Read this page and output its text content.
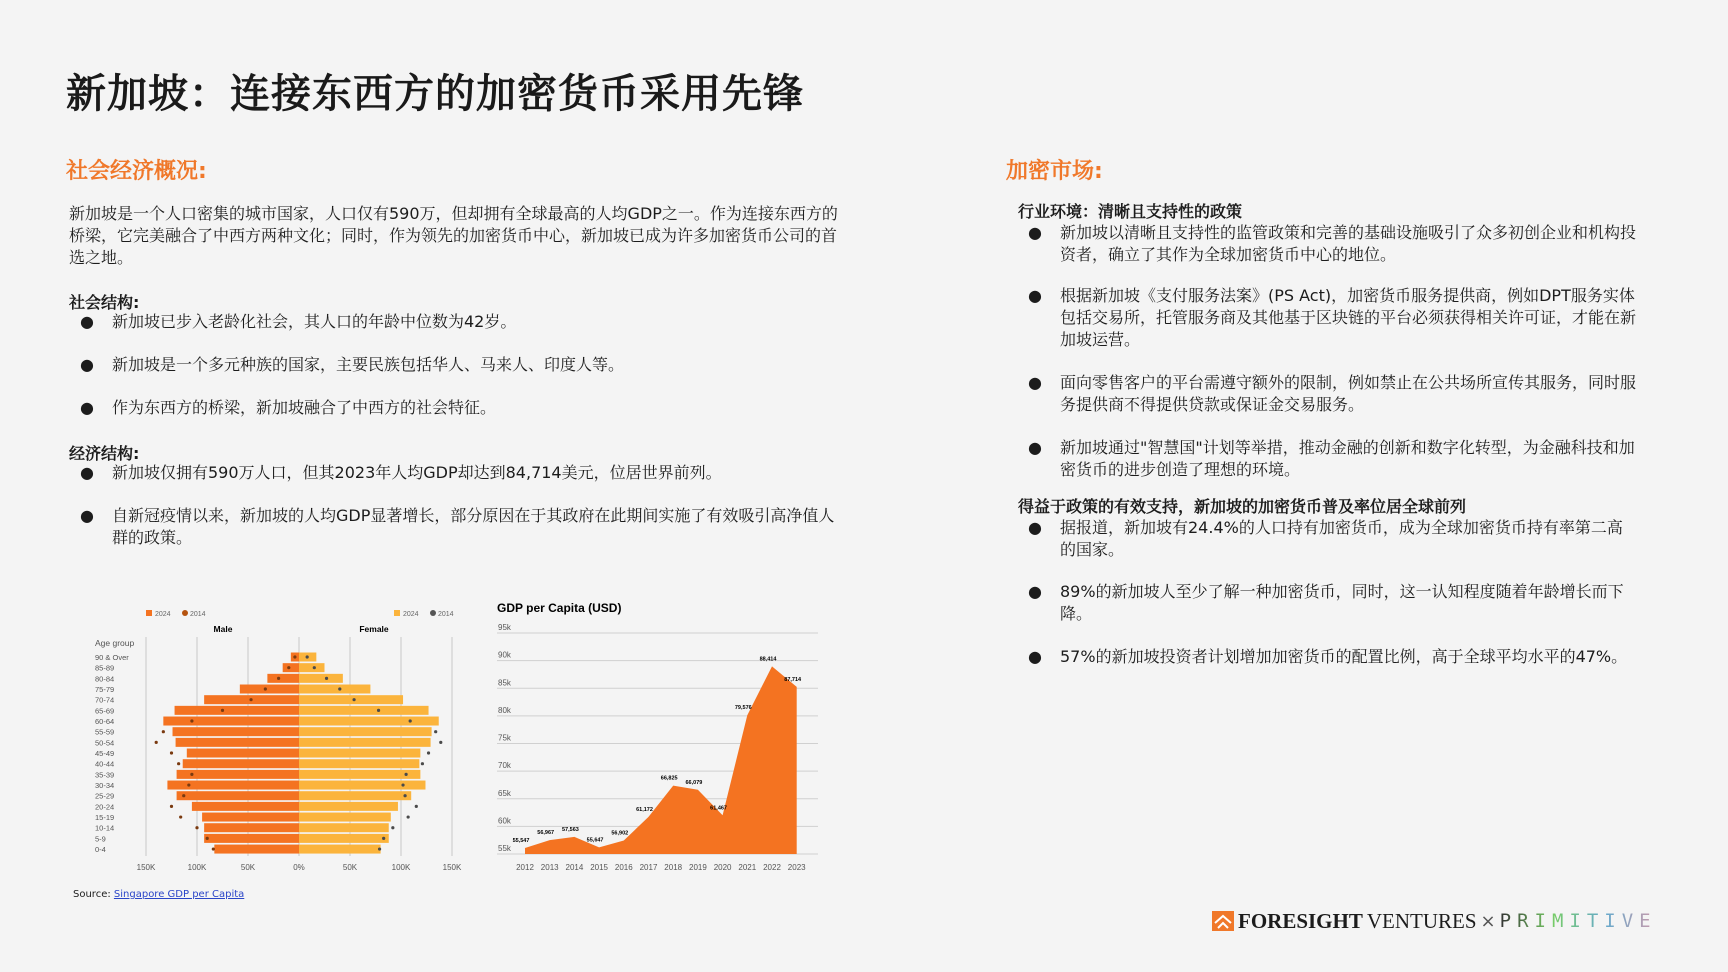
新加坡：连接东西方的加密货币采用先锋
社会经济概况:
新加坡是一个人口密集的城市国家，人口仅有590万，但却拥有全球最高的人均GDP之一。作为连接东西方的桥梁，它完美融合了中西方两种文化；同时，作为领先的加密货币中心，新加坡已成为许多加密货币公司的首选之地。
社会结构:
● 新加坡已步入老龄化社会，其人口的年龄中位数为42岁。
● 新加坡是一个多元种族的国家，主要民族包括华人、马来人、印度人等。
● 作为东西方的桥梁，新加坡融合了中西方的社会特征。
经济结构:
● 新加坡仅拥有590万人口，但其2023年人均GDP却达到84,714美元，位居世界前列。
● 自新冠疫情以来，新加坡的人均GDP显著增长，部分原因在于其政府在此期间实施了有效吸引高净值人群的政策。
加密市场:
行业环境：清晰且支持性的政策
● 新加坡以清晰且支持性的监管政策和完善的基础设施吸引了众多初创企业和机构投资者，确立了其作为全球加密货币中心的地位。
● 根据新加坡《支付服务法案》(PS Act)，加密货币服务提供商，例如DPT服务实体包括交易所，托管服务商及其他基于区块链的平台必须获得相关许可证，才能在新加坡运营。
● 面向零售客户的平台需遵守额外的限制，例如禁止在公共场所宣传其服务，同时服务提供商不得提供贷款或保证金交易服务。
● 新加坡通过"智慧国"计划等举措，推动金融的创新和数字化转型，为金融科技和加密货币的进步创造了理想的环境。
得益于政策的有效支持，新加坡的加密货币普及率位居全球前列
● 据报道，新加坡有24.4%的人口持有加密货币，成为全球加密货币持有率第二高的国家。
● 89%的新加坡人至少了解一种加密货币，同时，这一认知程度随着年龄增长而下降。
● 57%的新加坡投资者计划增加加密货币的配置比例，高于全球平均水平的47%。
150K	100K	50K	0%	50K	100K	150K
Age group
Male	Female
2024	2014	2024	2014
90 & Over
85-89
80-84
75-79
70-74
65-69
60-64
55-59
50-54
45-49
40-44
35-39
30-34
25-29
20-24
15-19
10-14
5-9
0-4
GDP per Capita (USD)
95k
90k
85k
80k
75k
70k
65k
60k
55k
55,547
2012
56,967
2013
57,563
2014
55,647
2015
56,902
2016
61,172
2017
66,825
2018
66,079
2019
61,467
2020
79,576
2021
88,414
2022
87,714
2023
Source: Singapore GDP per Capita
FORESIGHT VENTURES × PRIMITIVE
